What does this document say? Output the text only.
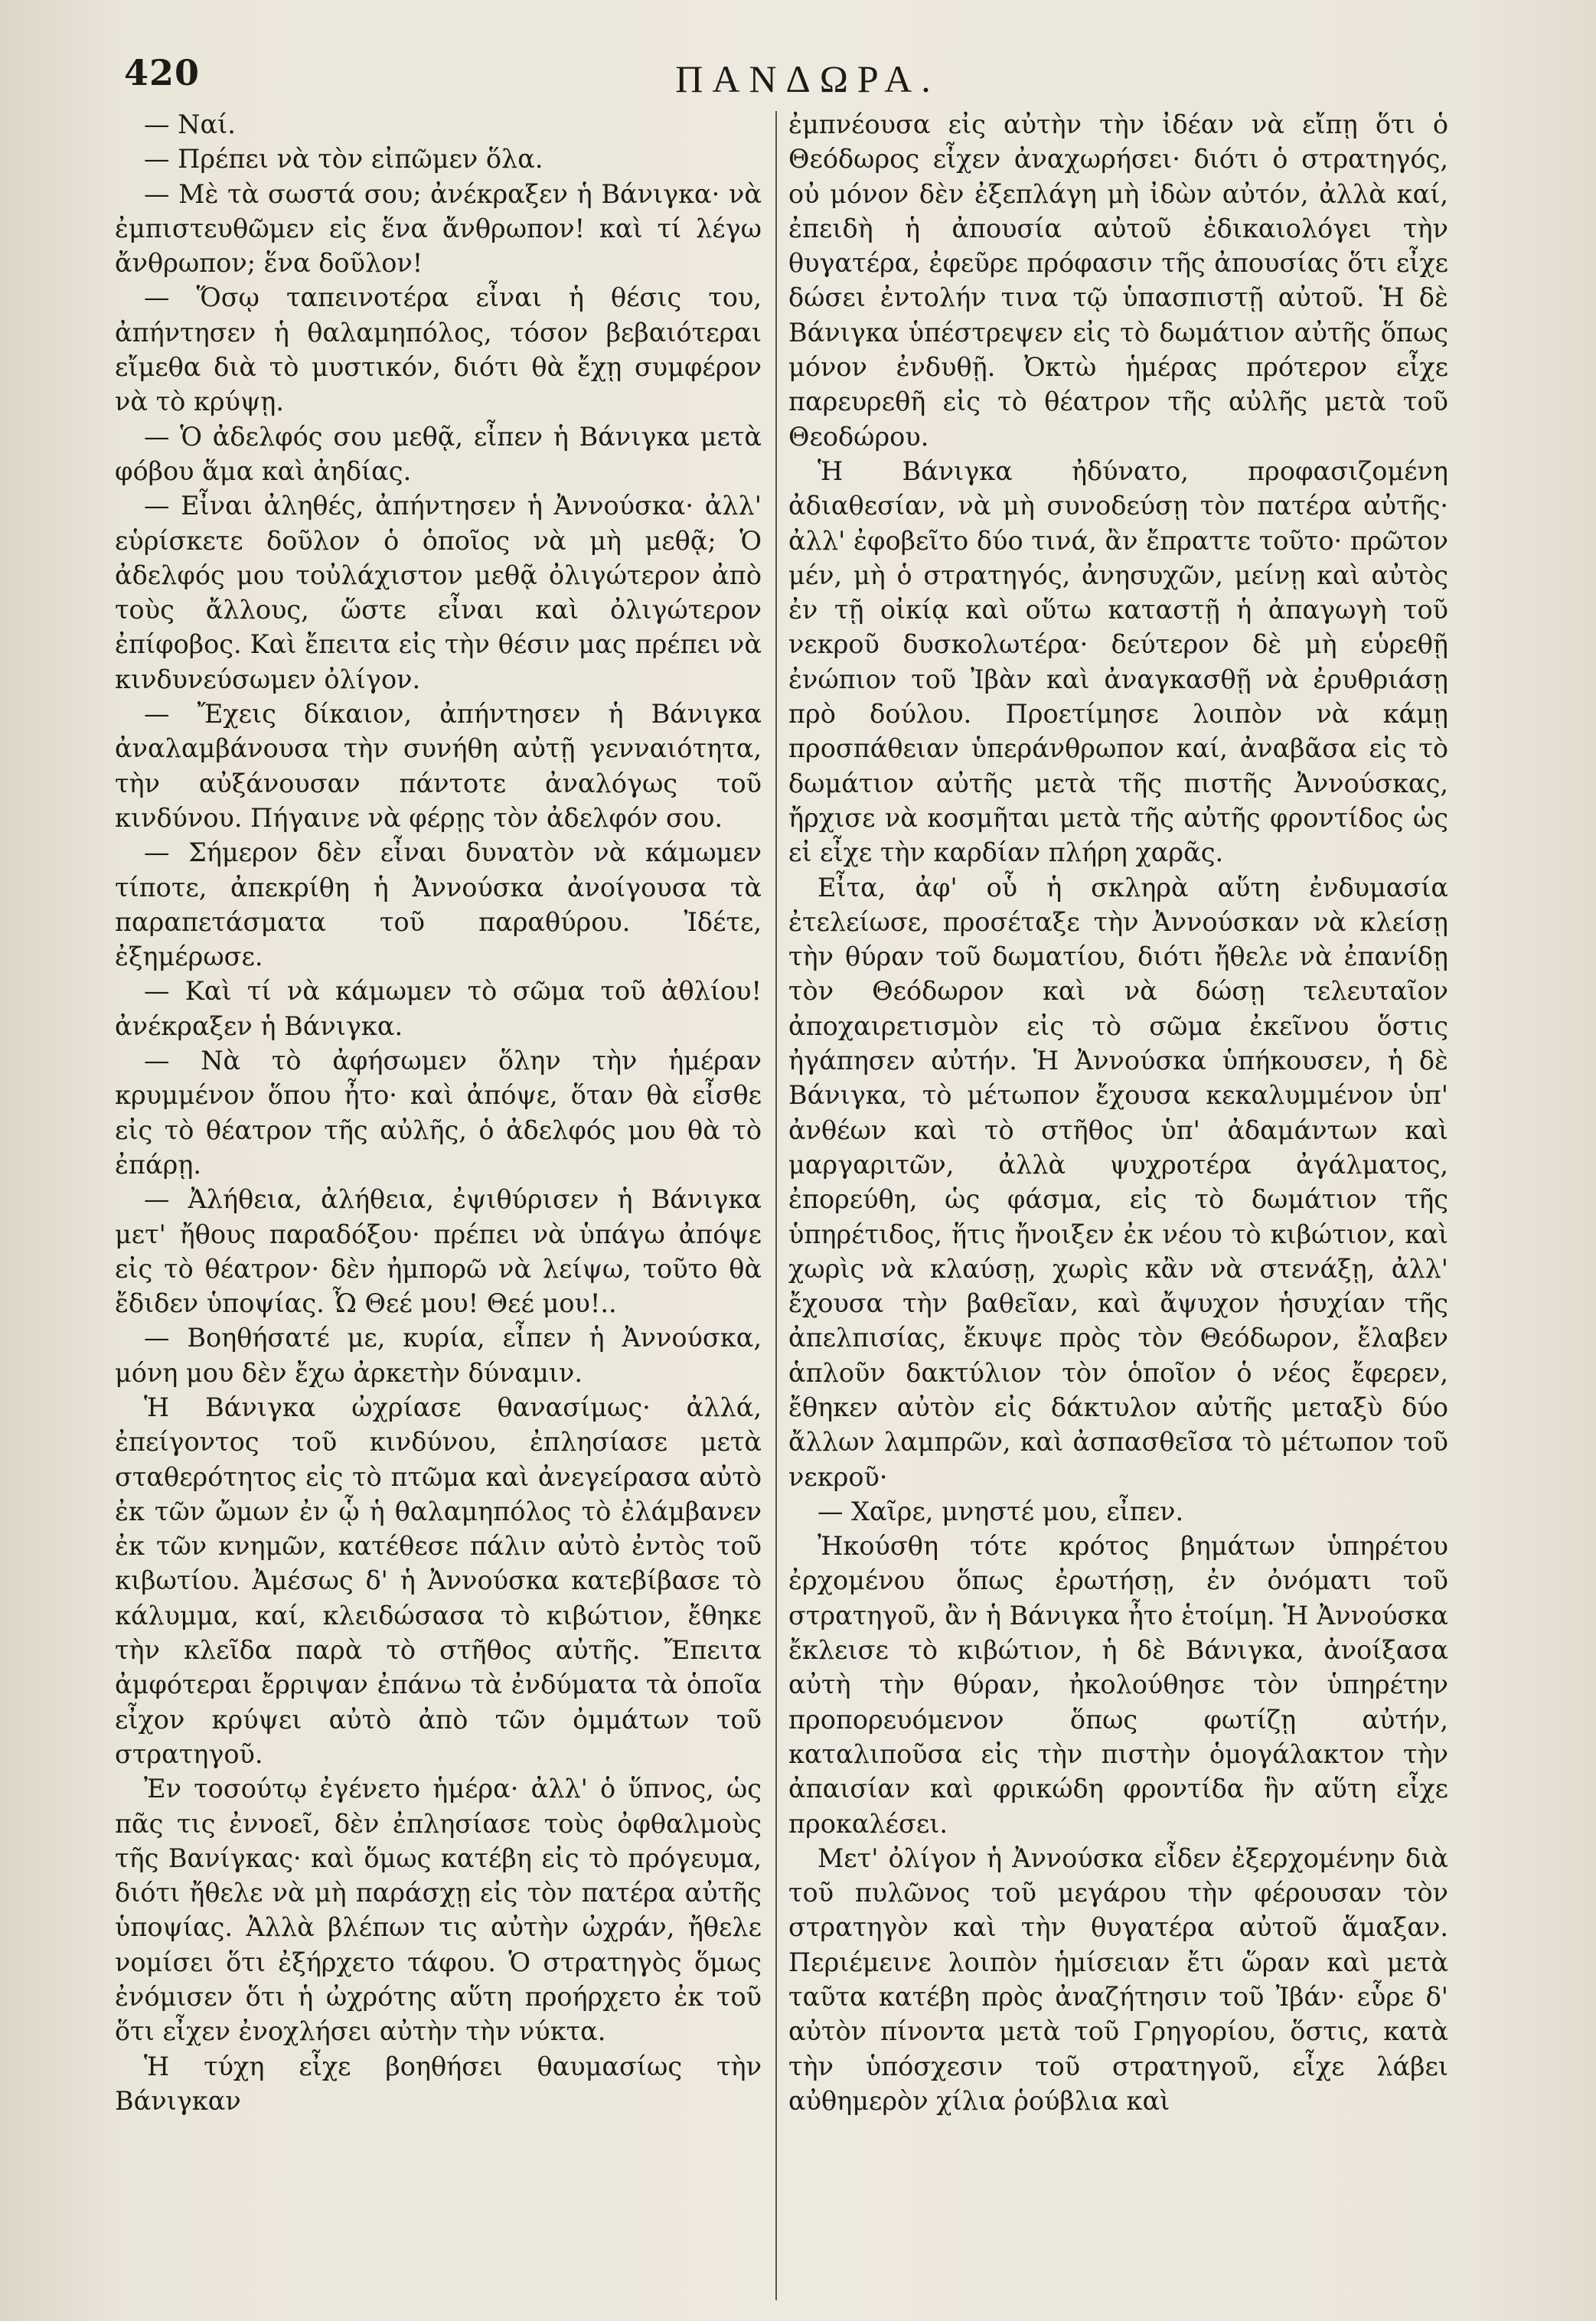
420	ΠΑΝΔΩΡΑ.

— Ναί.

— Πρέπει νὰ τὸν εἰπῶμεν ὅλα.

— Μὲ τὰ σωστά σου; ἀνέκραξεν ἡ Βάνιγκα· νὰ ἐμπιστευθῶμεν εἰς ἕνα ἄνθρωπον! καὶ τί λέγω ἄνθρωπον; ἕνα δοῦλον!

— Ὅσῳ ταπεινοτέρα εἶναι ἡ θέσις του, ἀπήντησεν ἡ θαλαμηπόλος, τόσον βεβαιότεραι εἴμεθα διὰ τὸ μυστικόν, διότι θὰ ἔχῃ συμφέρον νὰ τὸ κρύψῃ.

— Ὁ ἀδελφός σου μεθᾷ, εἶπεν ἡ Βάνιγκα μετὰ φόβου ἅμα καὶ ἀηδίας.

— Εἶναι ἀληθές, ἀπήντησεν ἡ Ἀννούσκα· ἀλλ' εὑρίσκετε δοῦλον ὁ ὁποῖος νὰ μὴ μεθᾷ; Ὁ ἀδελφός μου τοὐλάχιστον μεθᾷ ὀλιγώτερον ἀπὸ τοὺς ἄλλους, ὥστε εἶναι καὶ ὀλιγώτερον ἐπίφοβος. Καὶ ἔπειτα εἰς τὴν θέσιν μας πρέπει νὰ κινδυνεύσωμεν ὀλίγον.

— Ἔχεις δίκαιον, ἀπήντησεν ἡ Βάνιγκα ἀναλαμβάνουσα τὴν συνήθη αὐτῇ γενναιότητα, τὴν αὐξάνουσαν πάντοτε ἀναλόγως τοῦ κινδύνου. Πήγαινε νὰ φέρῃς τὸν ἀδελφόν σου.

— Σήμερον δὲν εἶναι δυνατὸν νὰ κάμωμεν τίποτε, ἀπεκρίθη ἡ Ἀννούσκα ἀνοίγουσα τὰ παραπετάσματα τοῦ παραθύρου. Ἰδέτε, ἐξημέρωσε.

— Καὶ τί νὰ κάμωμεν τὸ σῶμα τοῦ ἀθλίου! ἀνέκραξεν ἡ Βάνιγκα.

— Νὰ τὸ ἀφήσωμεν ὅλην τὴν ἡμέραν κρυμμένον ὅπου ἦτο· καὶ ἀπόψε, ὅταν θὰ εἶσθε εἰς τὸ θέατρον τῆς αὐλῆς, ὁ ἀδελφός μου θὰ τὸ ἐπάρῃ.

— Ἀλήθεια, ἀλήθεια, ἐψιθύρισεν ἡ Βάνιγκα μετ' ἤθους παραδόξου· πρέπει νὰ ὑπάγω ἀπόψε εἰς τὸ θέατρον· δὲν ἠμπορῶ νὰ λείψω, τοῦτο θὰ ἔδιδεν ὑποψίας. Ὦ Θεέ μου! Θεέ μου!..

— Βοηθήσατέ με, κυρία, εἶπεν ἡ Ἀννούσκα, μόνη μου δὲν ἔχω ἀρκετὴν δύναμιν.

Ἡ Βάνιγκα ὠχρίασε θανασίμως· ἀλλά, ἐπείγοντος τοῦ κινδύνου, ἐπλησίασε μετὰ σταθερότητος εἰς τὸ πτῶμα καὶ ἀνεγείρασα αὐτὸ ἐκ τῶν ὤμων ἐν ᾧ ἡ θαλαμηπόλος τὸ ἐλάμβανεν ἐκ τῶν κνημῶν, κατέθεσε πάλιν αὐτὸ ἐντὸς τοῦ κιβωτίου. Ἀμέσως δ' ἡ Ἀννούσκα κατεβίβασε τὸ κάλυμμα, καί, κλειδώσασα τὸ κιβώτιον, ἔθηκε τὴν κλεῖδα παρὰ τὸ στῆθος αὐτῆς. Ἔπειτα ἀμφότεραι ἔρριψαν ἐπάνω τὰ ἐνδύματα τὰ ὁποῖα εἶχον κρύψει αὐτὸ ἀπὸ τῶν ὀμμάτων τοῦ στρατηγοῦ.

Ἐν τοσούτῳ ἐγένετο ἡμέρα· ἀλλ' ὁ ὕπνος, ὡς πᾶς τις ἐννοεῖ, δὲν ἐπλησίασε τοὺς ὀφθαλμοὺς τῆς Βανίγκας· καὶ ὅμως κατέβη εἰς τὸ πρόγευμα, διότι ἤθελε νὰ μὴ παράσχῃ εἰς τὸν πατέρα αὐτῆς ὑποψίας. Ἀλλὰ βλέπων τις αὐτὴν ὠχράν, ἤθελε νομίσει ὅτι ἐξήρχετο τάφου. Ὁ στρατηγὸς ὅμως ἐνόμισεν ὅτι ἡ ὠχρότης αὕτη προήρχετο ἐκ τοῦ ὅτι εἶχεν ἐνοχλήσει αὐτὴν τὴν νύκτα.

Ἡ τύχη εἶχε βοηθήσει θαυμασίως τὴν Βάνιγκαν

ἐμπνέουσα εἰς αὐτὴν τὴν ἰδέαν νὰ εἴπῃ ὅτι ὁ Θεόδωρος εἶχεν ἀναχωρήσει· διότι ὁ στρατηγός, οὐ μόνον δὲν ἐξεπλάγη μὴ ἰδὼν αὐτόν, ἀλλὰ καί, ἐπειδὴ ἡ ἀπουσία αὐτοῦ ἐδικαιολόγει τὴν θυγατέρα, ἐφεῦρε πρόφασιν τῆς ἀπουσίας ὅτι εἶχε δώσει ἐντολήν τινα τῷ ὑπασπιστῇ αὐτοῦ. Ἡ δὲ Βάνιγκα ὑπέστρεψεν εἰς τὸ δωμάτιον αὐτῆς ὅπως μόνον ἐνδυθῇ. Ὀκτὼ ἡμέρας πρότερον εἶχε παρευρεθῆ εἰς τὸ θέατρον τῆς αὐλῆς μετὰ τοῦ Θεοδώρου.

Ἡ Βάνιγκα ἠδύνατο, προφασιζομένη ἀδιαθεσίαν, νὰ μὴ συνοδεύσῃ τὸν πατέρα αὐτῆς· ἀλλ' ἐφοβεῖτο δύο τινά, ἂν ἔπραττε τοῦτο· πρῶτον μέν, μὴ ὁ στρατηγός, ἀνησυχῶν, μείνῃ καὶ αὐτὸς ἐν τῇ οἰκίᾳ καὶ οὕτω καταστῇ ἡ ἀπαγωγὴ τοῦ νεκροῦ δυσκολωτέρα· δεύτερον δὲ μὴ εὑρεθῇ ἐνώπιον τοῦ Ἰβὰν καὶ ἀναγκασθῇ νὰ ἐρυθριάσῃ πρὸ δούλου. Προετίμησε λοιπὸν νὰ κάμῃ προσπάθειαν ὑπεράνθρωπον καί, ἀναβᾶσα εἰς τὸ δωμάτιον αὐτῆς μετὰ τῆς πιστῆς Ἀννούσκας, ἤρχισε νὰ κοσμῆται μετὰ τῆς αὐτῆς φροντίδος ὡς εἰ εἶχε τὴν καρδίαν πλήρη χαρᾶς.

Εἶτα, ἀφ' οὗ ἡ σκληρὰ αὕτη ἐνδυμασία ἐτελείωσε, προσέταξε τὴν Ἀννούσκαν νὰ κλείσῃ τὴν θύραν τοῦ δωματίου, διότι ἤθελε νὰ ἐπανίδῃ τὸν Θεόδωρον καὶ νὰ δώσῃ τελευταῖον ἀποχαιρετισμὸν εἰς τὸ σῶμα ἐκεῖνου ὅστις ἠγάπησεν αὐτήν. Ἡ Ἀννούσκα ὑπήκουσεν, ἡ δὲ Βάνιγκα, τὸ μέτωπον ἔχουσα κεκαλυμμένον ὑπ' ἀνθέων καὶ τὸ στῆθος ὑπ' ἀδαμάντων καὶ μαργαριτῶν, ἀλλὰ ψυχροτέρα ἀγάλματος, ἐπορεύθη, ὡς φάσμα, εἰς τὸ δωμάτιον τῆς ὑπηρέτιδος, ἥτις ἤνοιξεν ἐκ νέου τὸ κιβώτιον, καὶ χωρὶς νὰ κλαύσῃ, χωρὶς κἂν νὰ στενάξῃ, ἀλλ' ἔχουσα τὴν βαθεῖαν, καὶ ἄψυχον ἡσυχίαν τῆς ἀπελπισίας, ἔκυψε πρὸς τὸν Θεόδωρον, ἔλαβεν ἁπλοῦν δακτύλιον τὸν ὁποῖον ὁ νέος ἔφερεν, ἔθηκεν αὐτὸν εἰς δάκτυλον αὐτῆς μεταξὺ δύο ἄλλων λαμπρῶν, καὶ ἀσπασθεῖσα τὸ μέτωπον τοῦ νεκροῦ·

— Χαῖρε, μνηστέ μου, εἶπεν.

Ἠκούσθη τότε κρότος βημάτων ὑπηρέτου ἐρχομένου ὅπως ἐρωτήσῃ, ἐν ὀνόματι τοῦ στρατηγοῦ, ἂν ἡ Βάνιγκα ἦτο ἑτοίμη. Ἡ Ἀννούσκα ἔκλεισε τὸ κιβώτιον, ἡ δὲ Βάνιγκα, ἀνοίξασα αὐτὴ τὴν θύραν, ἠκολούθησε τὸν ὑπηρέτην προπορευόμενον ὅπως φωτίζῃ αὐτήν, καταλιποῦσα εἰς τὴν πιστὴν ὁμογάλακτον τὴν ἀπαισίαν καὶ φρικώδη φροντίδα ἣν αὕτη εἶχε προκαλέσει.

Μετ' ὀλίγον ἡ Ἀννούσκα εἶδεν ἐξερχομένην διὰ τοῦ πυλῶνος τοῦ μεγάρου τὴν φέρουσαν τὸν στρατηγὸν καὶ τὴν θυγατέρα αὐτοῦ ἅμαξαν. Περιέμεινε λοιπὸν ἡμίσειαν ἔτι ὥραν καὶ μετὰ ταῦτα κατέβη πρὸς ἀναζήτησιν τοῦ Ἰβάν· εὗρε δ' αὐτὸν πίνοντα μετὰ τοῦ Γρηγορίου, ὅστις, κατὰ τὴν ὑπόσχεσιν τοῦ στρατηγοῦ, εἶχε λάβει αὐθημερὸν χίλια ῥούβλια καὶ
